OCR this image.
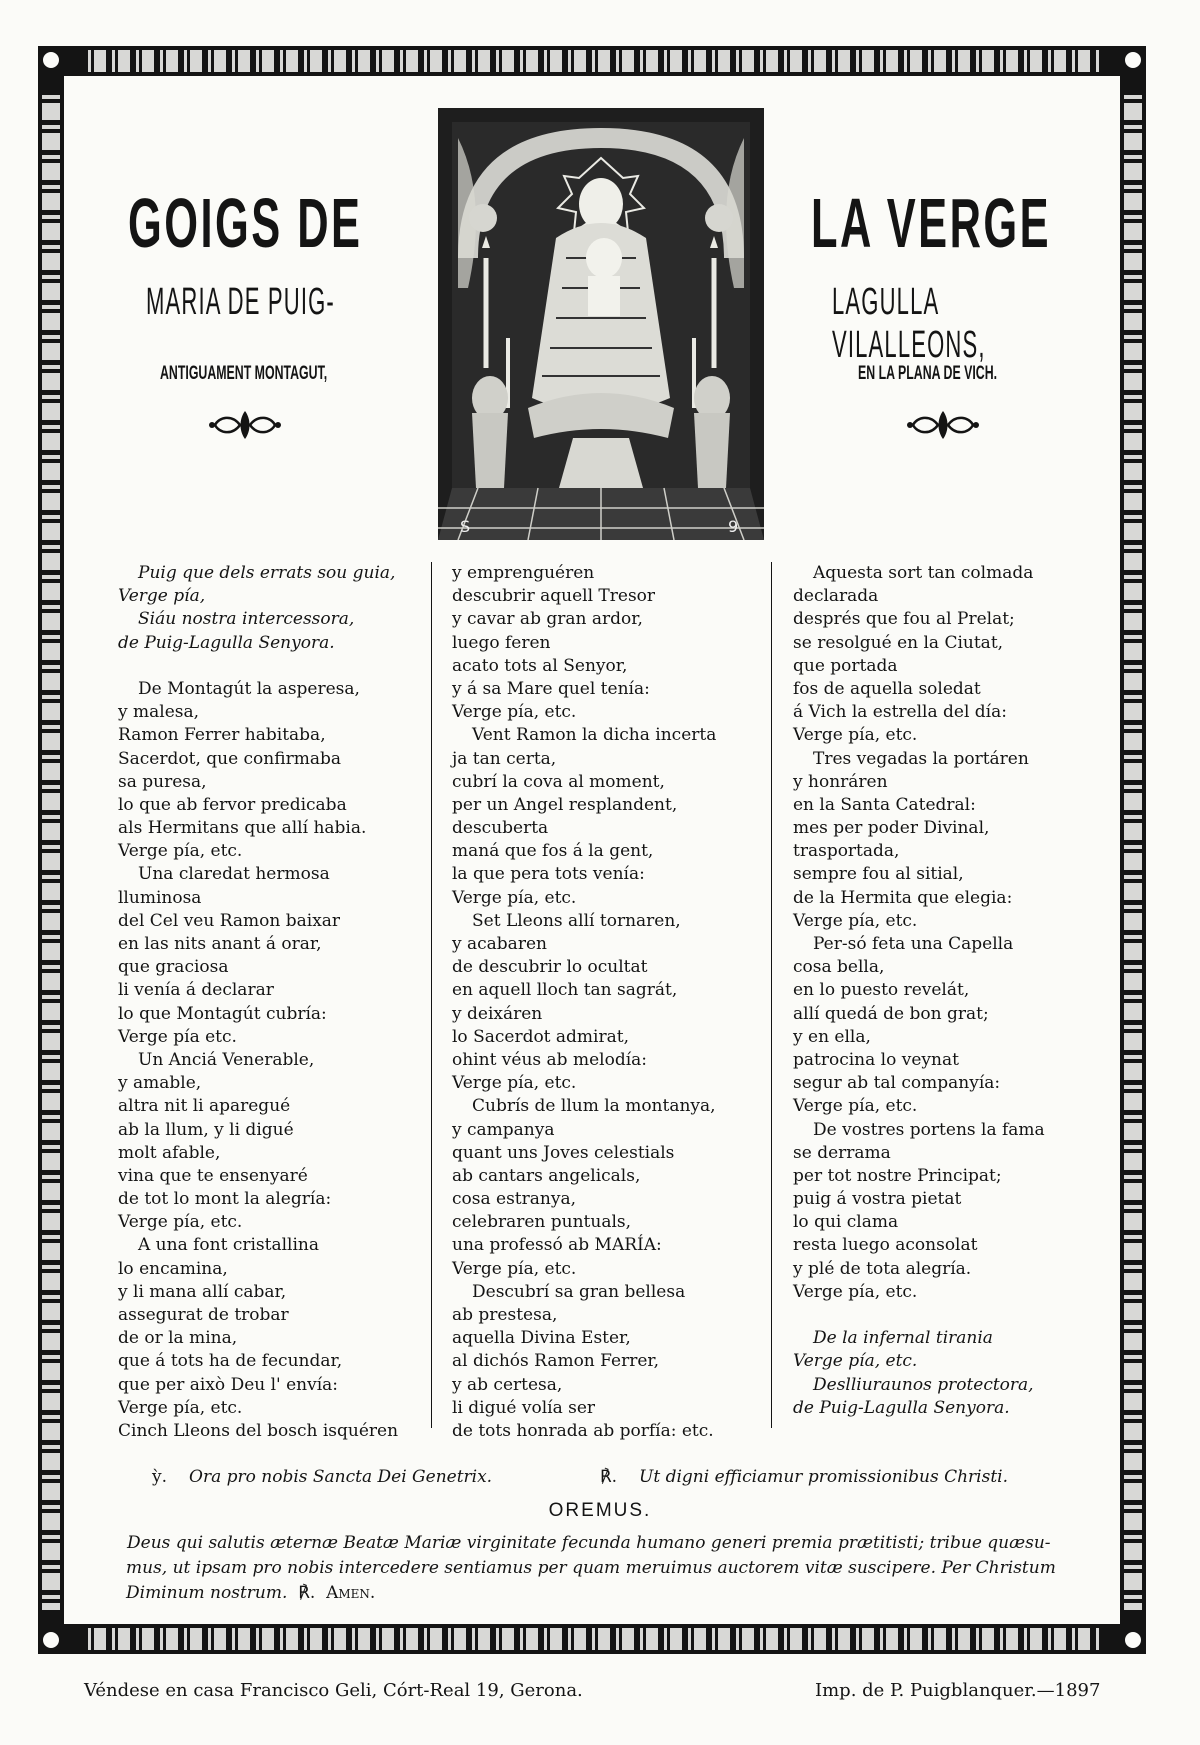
GOIGS DE	LA VERGE
MARIA DE PUIG-	LAGULLA VILALLEONS,
ANTIGUAMENT MONTAGUT,	EN LA PLANA DE VICH.
S	9
Puig que dels errats sou guia,
Verge pía,
Siáu nostra intercessora,
de Puig-Lagulla Senyora.
De Montagút la asperesa,
y malesa,
Ramon Ferrer habitaba,
Sacerdot, que confirmaba
sa puresa,
lo que ab fervor predicaba
als Hermitans que allí habia.
Verge pía, etc.
Una claredat hermosa
lluminosa
del Cel veu Ramon baixar
en las nits anant á orar,
que graciosa
li venía á declarar
lo que Montagút cubría:
Verge pía etc.
Un Anciá Venerable,
y amable,
altra nit li aparegué
ab la llum, y li digué
molt afable,
vina que te ensenyaré
de tot lo mont la alegría:
Verge pía, etc.
A una font cristallina
lo encamina,
y li mana allí cabar,
assegurat de trobar
de or la mina,
que á tots ha de fecundar,
que per això Deu l' envía:
Verge pía, etc.
Cinch Lleons del bosch isquéren
y emprenguéren
descubrir aquell Tresor
y cavar ab gran ardor,
luego feren
acato tots al Senyor,
y á sa Mare quel tenía:
Verge pía, etc.
Vent Ramon la dicha incerta
ja tan certa,
cubrí la cova al moment,
per un Angel resplandent,
descuberta
maná que fos á la gent,
la que pera tots venía:
Verge pía, etc.
Set Lleons allí tornaren,
y acabaren
de descubrir lo ocultat
en aquell lloch tan sagrát,
y deixáren
lo Sacerdot admirat,
ohint véus ab melodía:
Verge pía, etc.
Cubrís de llum la montanya,
y campanya
quant uns Joves celestials
ab cantars angelicals,
cosa estranya,
celebraren puntuals,
una professó ab MARÍA:
Verge pía, etc.
Descubrí sa gran bellesa
ab prestesa,
aquella Divina Ester,
al dichós Ramon Ferrer,
y ab certesa,
li digué volía ser
de tots honrada ab porfía: etc.
Aquesta sort tan colmada
declarada
després que fou al Prelat;
se resolgué en la Ciutat,
que portada
fos de aquella soledat
á Vich la estrella del día:
Verge pía, etc.
Tres vegadas la portáren
y honráren
en la Santa Catedral:
mes per poder Divinal,
trasportada,
sempre fou al sitial,
de la Hermita que elegia:
Verge pía, etc.
Per-só feta una Capella
cosa bella,
en lo puesto revelát,
allí quedá de bon grat;
y en ella,
patrocina lo veynat
segur ab tal companyía:
Verge pía, etc.
De vostres portens la fama
se derrama
per tot nostre Principat;
puig á vostra pietat
lo qui clama
resta luego aconsolat
y plé de tota alegría.
Verge pía, etc.
De la infernal tirania
Verge pía, etc.
Deslliuraunos protectora,
de Puig-Lagulla Senyora.
ỳ. Ora pro nobis Sancta Dei Genetrix.	℟. Ut digni efficiamur promissionibus Christi.
OREMUS.
Deus qui salutis æternæ Beatæ Mariæ virginitate fecunda humano generi premia prætitisti; tribue quæsu-
mus, ut ipsam pro nobis intercedere sentiamus per quam meruimus auctorem vitæ suscipere. Per Christum
Diminum nostrum. ℟. Amen.
Véndese en casa Francisco Geli, Córt-Real 19, Gerona.	Imp. de P. Puigblanquer.—1897
